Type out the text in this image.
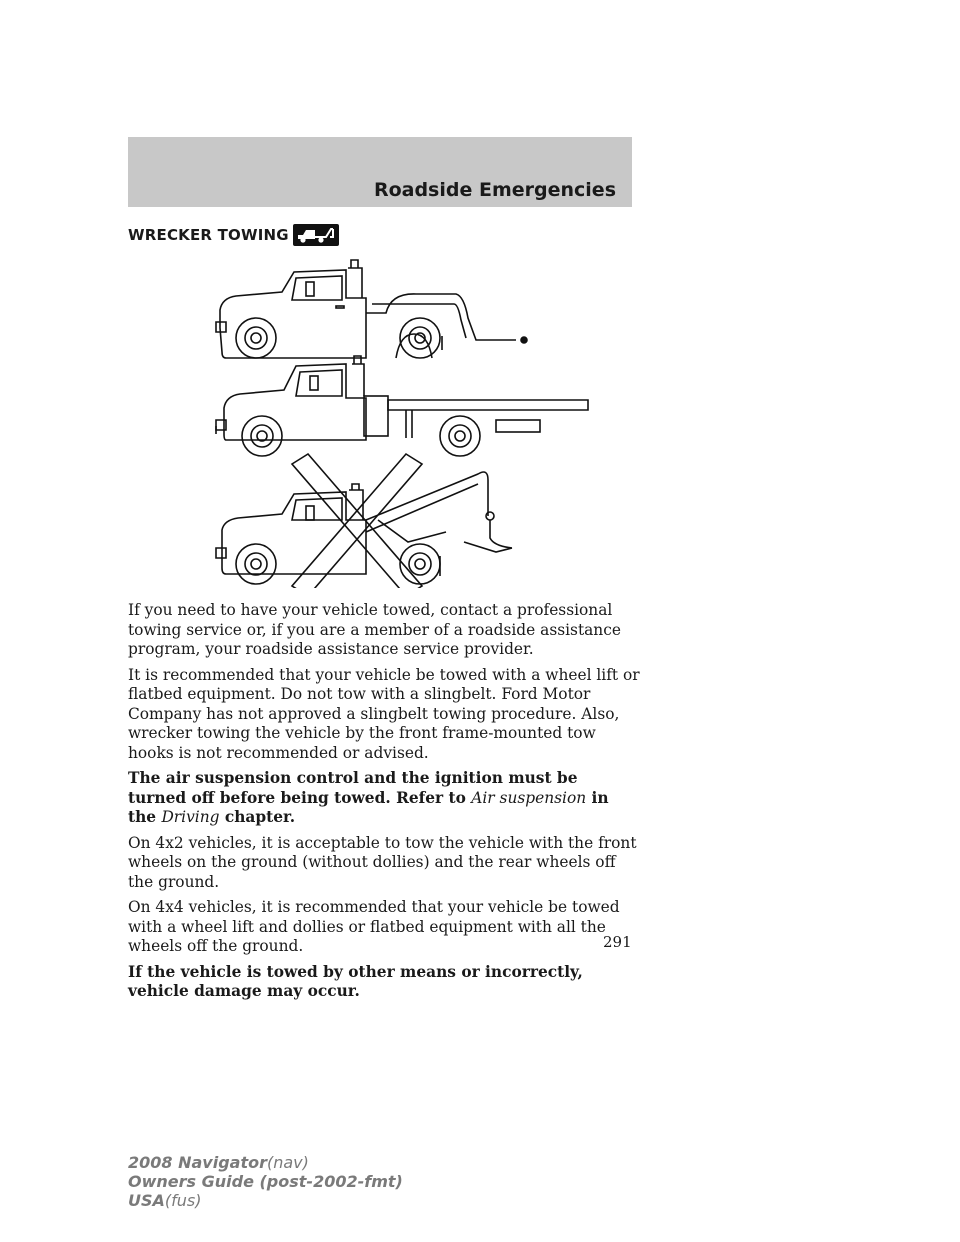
Roadside Emergencies
WRECKER TOWING

If you need to have your vehicle towed, contact a professional towing service or, if you are a member of a roadside assistance program, your roadside assistance service provider.

It is recommended that your vehicle be towed with a wheel lift or flatbed equipment. Do not tow with a slingbelt. Ford Motor Company has not approved a slingbelt towing procedure. Also, wrecker towing the vehicle by the front frame-mounted tow hooks is not recommended or advised.

The air suspension control and the ignition must be turned off before being towed. Refer to Air suspension in the Driving chapter.

On 4x2 vehicles, it is acceptable to tow the vehicle with the front wheels on the ground (without dollies) and the rear wheels off the ground.

On 4x4 vehicles, it is recommended that your vehicle be towed with a wheel lift and dollies or flatbed equipment with all the wheels off the ground.

If the vehicle is towed by other means or incorrectly, vehicle damage may occur.

291
2008 Navigator(nav)
Owners Guide (post-2002-fmt)
USA(fus)
